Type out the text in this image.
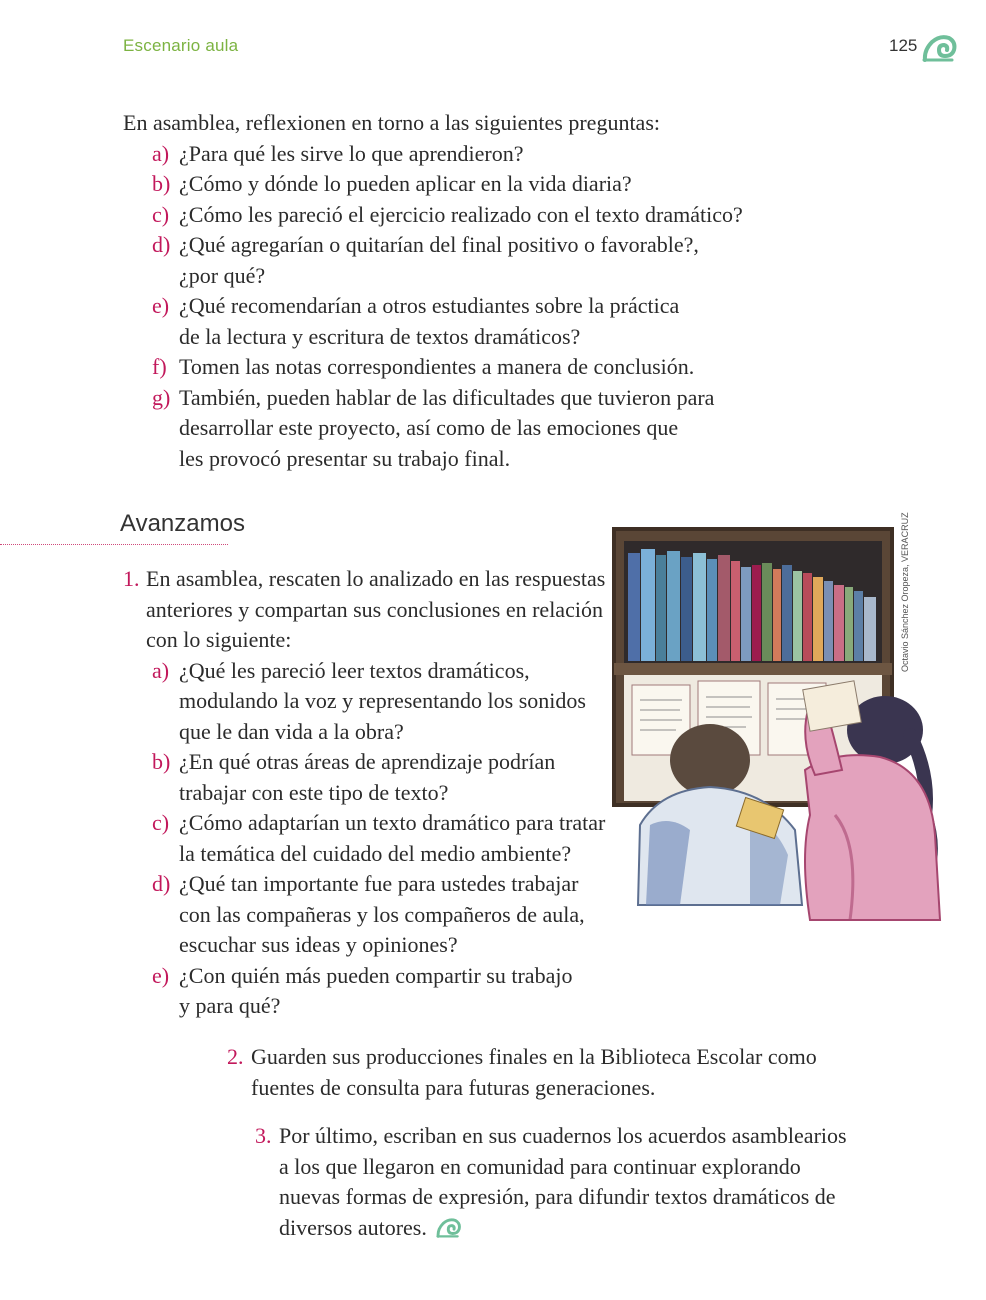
Escenario aula	125
En asamblea, reflexionen en torno a las siguientes preguntas:
a) ¿Para qué les sirve lo que aprendieron?
b) ¿Cómo y dónde lo pueden aplicar en la vida diaria?
c) ¿Cómo les pareció el ejercicio realizado con el texto dramático?
d) ¿Qué agregarían o quitarían del final positivo o favorable?,
¿por qué?
e) ¿Qué recomendarían a otros estudiantes sobre la práctica
de la lectura y escritura de textos dramáticos?
f) Tomen las notas correspondientes a manera de conclusión.
g) También, pueden hablar de las dificultades que tuvieron para
desarrollar este proyecto, así como de las emociones que
les provocó presentar su trabajo final.
Avanzamos	Octavio Sánchez Oropeza, VERACRUZ
1. En asamblea, rescaten lo analizado en las respuestas
anteriores y compartan sus conclusiones en relación
con lo siguiente:
a) ¿Qué les pareció leer textos dramáticos,
modulando la voz y representando los sonidos
que le dan vida a la obra?
b) ¿En qué otras áreas de aprendizaje podrían
trabajar con este tipo de texto?
c) ¿Cómo adaptarían un texto dramático para tratar
la temática del cuidado del medio ambiente?
d) ¿Qué tan importante fue para ustedes trabajar
con las compañeras y los compañeros de aula,
escuchar sus ideas y opiniones?
e) ¿Con quién más pueden compartir su trabajo
y para qué?
2. Guarden sus producciones finales en la Biblioteca Escolar como
fuentes de consulta para futuras generaciones.
3. Por último, escriban en sus cuadernos los acuerdos asamblearios
a los que llegaron en comunidad para continuar explorando
nuevas formas de expresión, para difundir textos dramáticos de
diversos autores.
